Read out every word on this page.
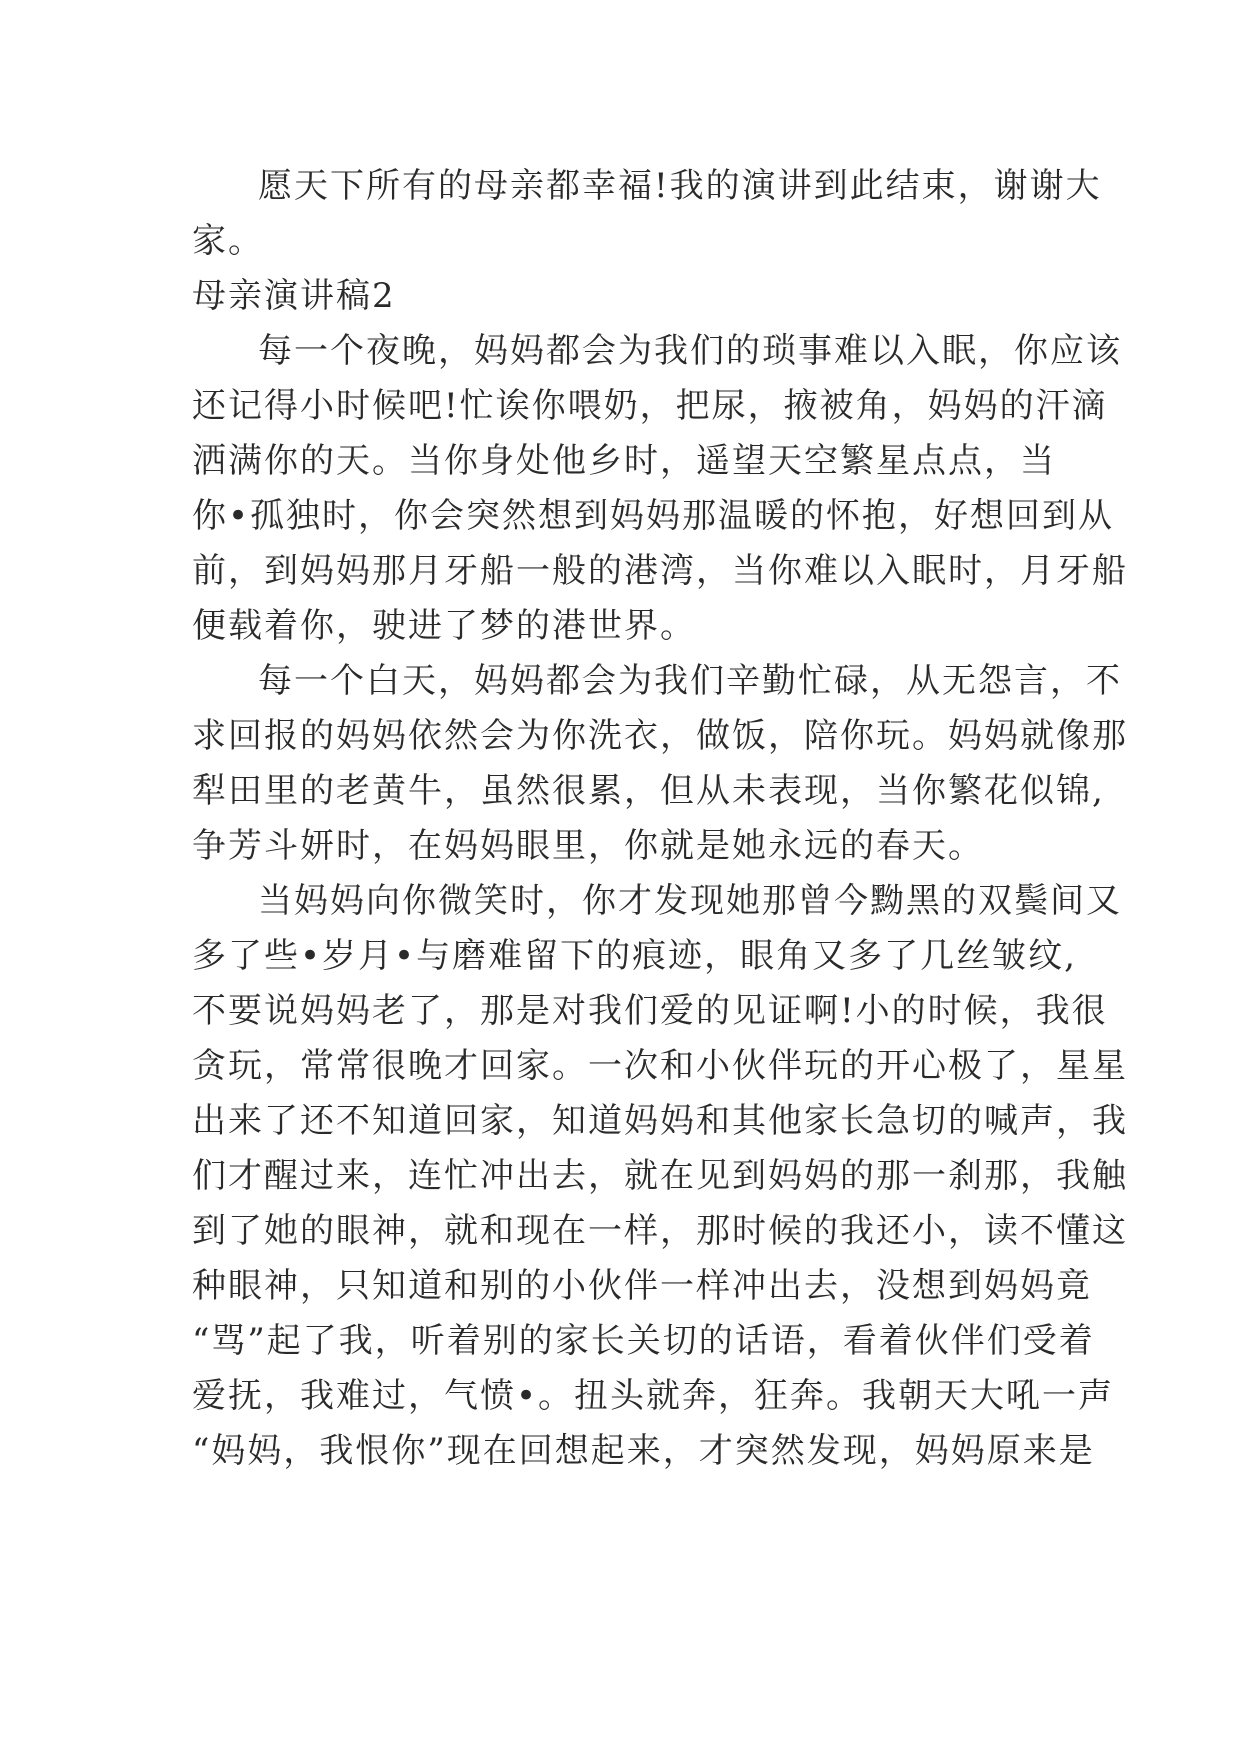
愿天下所有的母亲都幸福!我的演讲到此结束，谢谢大

家。

母亲演讲稿2

每一个夜晚，妈妈都会为我们的琐事难以入眠，你应该

还记得小时候吧!忙诶你喂奶，把尿，掖被角，妈妈的汗滴

洒满你的天。当你身处他乡时，遥望天空繁星点点，当

你•孤独时，你会突然想到妈妈那温暖的怀抱，好想回到从

前，到妈妈那月牙船一般的港湾，当你难以入眠时，月牙船

便载着你，驶进了梦的港世界。

每一个白天，妈妈都会为我们辛勤忙碌，从无怨言，不

求回报的妈妈依然会为你洗衣，做饭，陪你玩。妈妈就像那

犁田里的老黄牛，虽然很累，但从未表现，当你繁花似锦,

争芳斗妍时，在妈妈眼里，你就是她永远的春天。

当妈妈向你微笑时，你才发现她那曾今黝黑的双鬓间又

多了些•岁月•与磨难留下的痕迹，眼角又多了几丝皱纹,

不要说妈妈老了，那是对我们爱的见证啊!小的时候，我很

贪玩，常常很晚才回家。一次和小伙伴玩的开心极了，星星

出来了还不知道回家，知道妈妈和其他家长急切的喊声，我

们才醒过来，连忙冲出去，就在见到妈妈的那一刹那，我触

到了她的眼神，就和现在一样，那时候的我还小，读不懂这

种眼神，只知道和别的小伙伴一样冲出去，没想到妈妈竟

“骂”起了我，听着别的家长关切的话语，看着伙伴们受着

爱抚，我难过，气愤•。扭头就奔，狂奔。我朝天大吼一声

“妈妈，我恨你”现在回想起来，才突然发现，妈妈原来是
